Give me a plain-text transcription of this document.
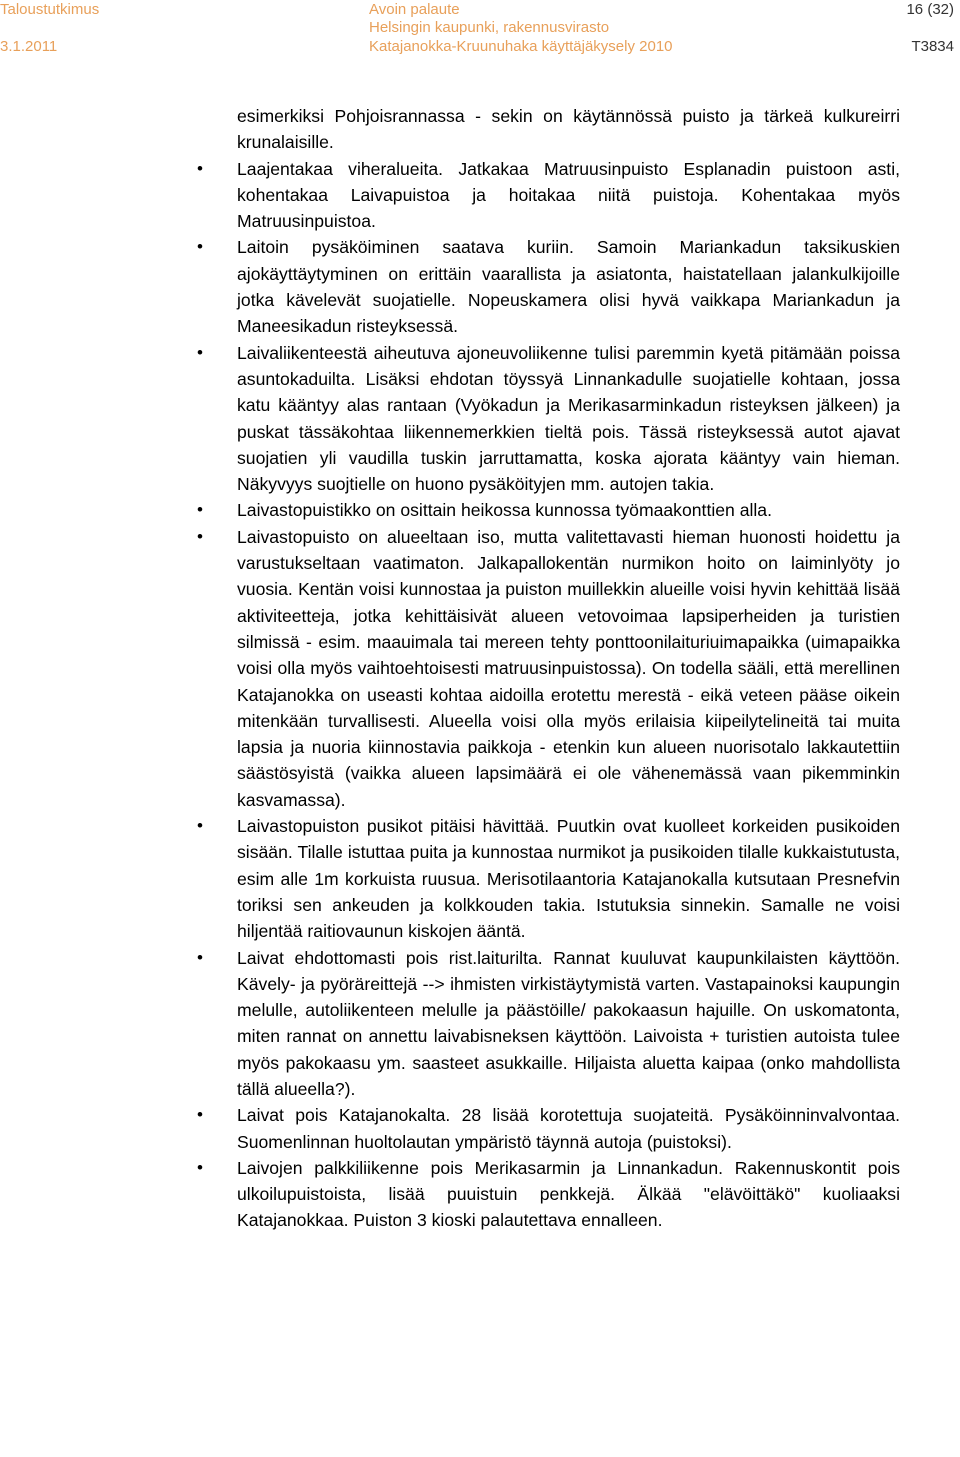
Taloustutkimus
3.1.2011
Avoin palaute
Helsingin kaupunki, rakennusvirasto
Katajanokka-Kruunuhaka käyttäjäkysely 2010
16 (32)
T3834

esimerkiksi Pohjoisrannassa - sekin on käytännössä puisto ja tärkeä kulkureirri krunalaisille.

• Laajentakaa viheralueita. Jatkakaa Matruusinpuisto Esplanadin puistoon asti, kohentakaa Laivapuistoa ja hoitakaa niitä puistoja. Kohentakaa myös Matruusinpuistoa.
• Laitoin pysäköiminen saatava kuriin. Samoin Mariankadun taksikuskien ajokäyttäytyminen on erittäin vaarallista ja asiatonta, haistatellaan jalankulkijoille jotka kävelevät suojatielle. Nopeuskamera olisi hyvä vaikkapa Mariankadun ja Maneesikadun risteyksessä.
• Laivaliikenteestä aiheutuva ajoneuvoliikenne tulisi paremmin kyetä pitämään poissa asuntokaduilta. Lisäksi ehdotan töyssyä Linnankadulle suojatielle kohtaan, jossa katu kääntyy alas rantaan (Vyökadun ja Merikasarminkadun risteyksen jälkeen) ja puskat tässäkohtaa liikennemerkkien tieltä pois. Tässä risteyksessä autot ajavat suojatien yli vaudilla tuskin jarruttamatta, koska ajorata kääntyy vain hieman. Näkyvyys suojtielle on huono pysäköityjen mm. autojen takia.
• Laivastopuistikko on osittain heikossa kunnossa työmaakonttien alla.
• Laivastopuisto on alueeltaan iso, mutta valitettavasti hieman huonosti hoidettu ja varustukseltaan vaatimaton. Jalkapallokentän nurmikon hoito on laiminlyöty jo vuosia. Kentän voisi kunnostaa ja puiston muillekkin alueille voisi hyvin kehittää lisää aktiviteetteja, jotka kehittäisivät alueen vetovoimaa lapsiperheiden ja turistien silmissä - esim. maauimala tai mereen tehty ponttoonilaituriuimapaikka (uimapaikka voisi olla myös vaihtoehtoisesti matruusinpuistossa). On todella sääli, että merellinen Katajanokka on useasti kohtaa aidoilla erotettu merestä - eikä veteen pääse oikein mitenkään turvallisesti. Alueella voisi olla myös erilaisia kiipeilytelineitä tai muita lapsia ja nuoria kiinnostavia paikkoja - etenkin kun alueen nuorisotalo lakkautettiin säästösyistä (vaikka alueen lapsimäärä ei ole vähenemässä vaan pikemminkin kasvamassa).
• Laivastopuiston pusikot pitäisi hävittää. Puutkin ovat kuolleet korkeiden pusikoiden sisään. Tilalle istuttaa puita ja kunnostaa nurmikot ja pusikoiden tilalle kukkaistutusta, esim alle 1m korkuista ruusua. Merisotilaantoria Katajanokalla kutsutaan Presnefvin toriksi sen ankeuden ja kolkkouden takia. Istutuksia sinnekin. Samalle ne voisi hiljentää raitiovaunun kiskojen ääntä.
• Laivat ehdottomasti pois rist.laiturilta. Rannat kuuluvat kaupunkilaisten käyttöön. Kävely- ja pyöräreittejä --> ihmisten virkistäytymistä varten. Vastapainoksi kaupungin melulle, autoliikenteen melulle ja päästöille/ pakokaasun hajuille. On uskomatonta, miten rannat on annettu laivabisneksen käyttöön. Laivoista + turistien autoista tulee myös pakokaasu ym. saasteet asukkaille. Hiljaista aluetta kaipaa (onko mahdollista tällä alueella?).
• Laivat pois Katajanokalta. 28 lisää korotettuja suojateitä. Pysäköinninvalvontaa. Suomenlinnan huoltolautan ympäristö täynnä autoja (puistoksi).
• Laivojen palkkiliikenne pois Merikasarmin ja Linnankadun. Rakennuskontit pois ulkoilupuistoista, lisää puuistuin penkkejä. Älkää "elävöittäkö" kuoliaaksi Katajanokkaa. Puiston 3 kioski palautettava ennalleen.
